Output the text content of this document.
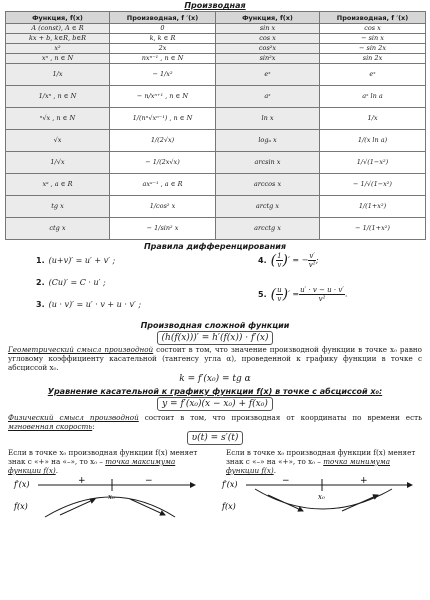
Производная
Функция, f(x)	Производная, f ′(x)	Функция, f(x)	Производная, f ′(x)
A (const), A ∈ R	0	sin x	cos x
kx + b, k∈R, b∈R	k, k ∈ R	cos x	− sin x
x²	2x	cos²x	− sin 2x
xⁿ , n ∈ N	nxⁿ⁻¹ , n ∈ N	sin²x	sin 2x
1/x	− 1/x²	eˣ	eˣ
1/xⁿ , n ∈ N	− n/xⁿ⁺¹ , n ∈ N	aˣ	aˣ ln a
ⁿ√x , n ∈ N	1/(nⁿ√xⁿ⁻¹) , n ∈ N	ln x	1/x
√x	1/(2√x)	logₐ x	1/(x ln a)
1/√x	− 1/(2x√x)	arcsin x	1/√(1−x²)
xᵃ , a ∈ R	axᵃ⁻¹ , a ∈ R	arccos x	− 1/√(1−x²)
tg x	1/cos² x	arctg x	1/(1+x²)
ctg x	− 1/sin² x	arcctg x	− 1/(1+x²)
Правила дифференцирования
1. (u+v)′ = u′ + v′ ;
2. (Cu)′ = C · u′ ;
3. (u · v)′ = u′ · v + u · v′ ;
4. ( $\frac{1}{v}$ )′ = − $\frac{v'}{\text{v²}}$ ;
5. ( $\frac{u}{v}$ )′ = $\frac{u' \cdot v - u \cdot v'}{\text{v²}}$ .
Производная сложной функции
(h(f(x)))′ = h′(f(x)) · f′(x)
Геометрический смысл производной состоит в том, что значение производной функции в точке x₀ равно угловому коэффициенту касательной (тангенсу угла α), проведенной к графику функции в точке с абсциссой x₀.
k = f′(x₀) = tg α
Уравнение касательной к графику функции f(x) в точке с абсциссой x₀:
y = f′(x₀)(x − x₀) + f(x₀)
Физический смысл производной состоит в том, что производная от координаты по времени есть мгновенная скорость:
υ(t) = s′(t)
Если в точке x₀ производная функции f(x) меняет знак с «+» на «–», то x₀ – точка максимума функции f(x).
Если в точке x₀ производная функции f(x) меняет знак с «–» на «+», то x₀ – точка минимума функции f(x).
f′(x)	+	−
x₀
f(x)
f′(x)	−	+
x₀
f(x)
